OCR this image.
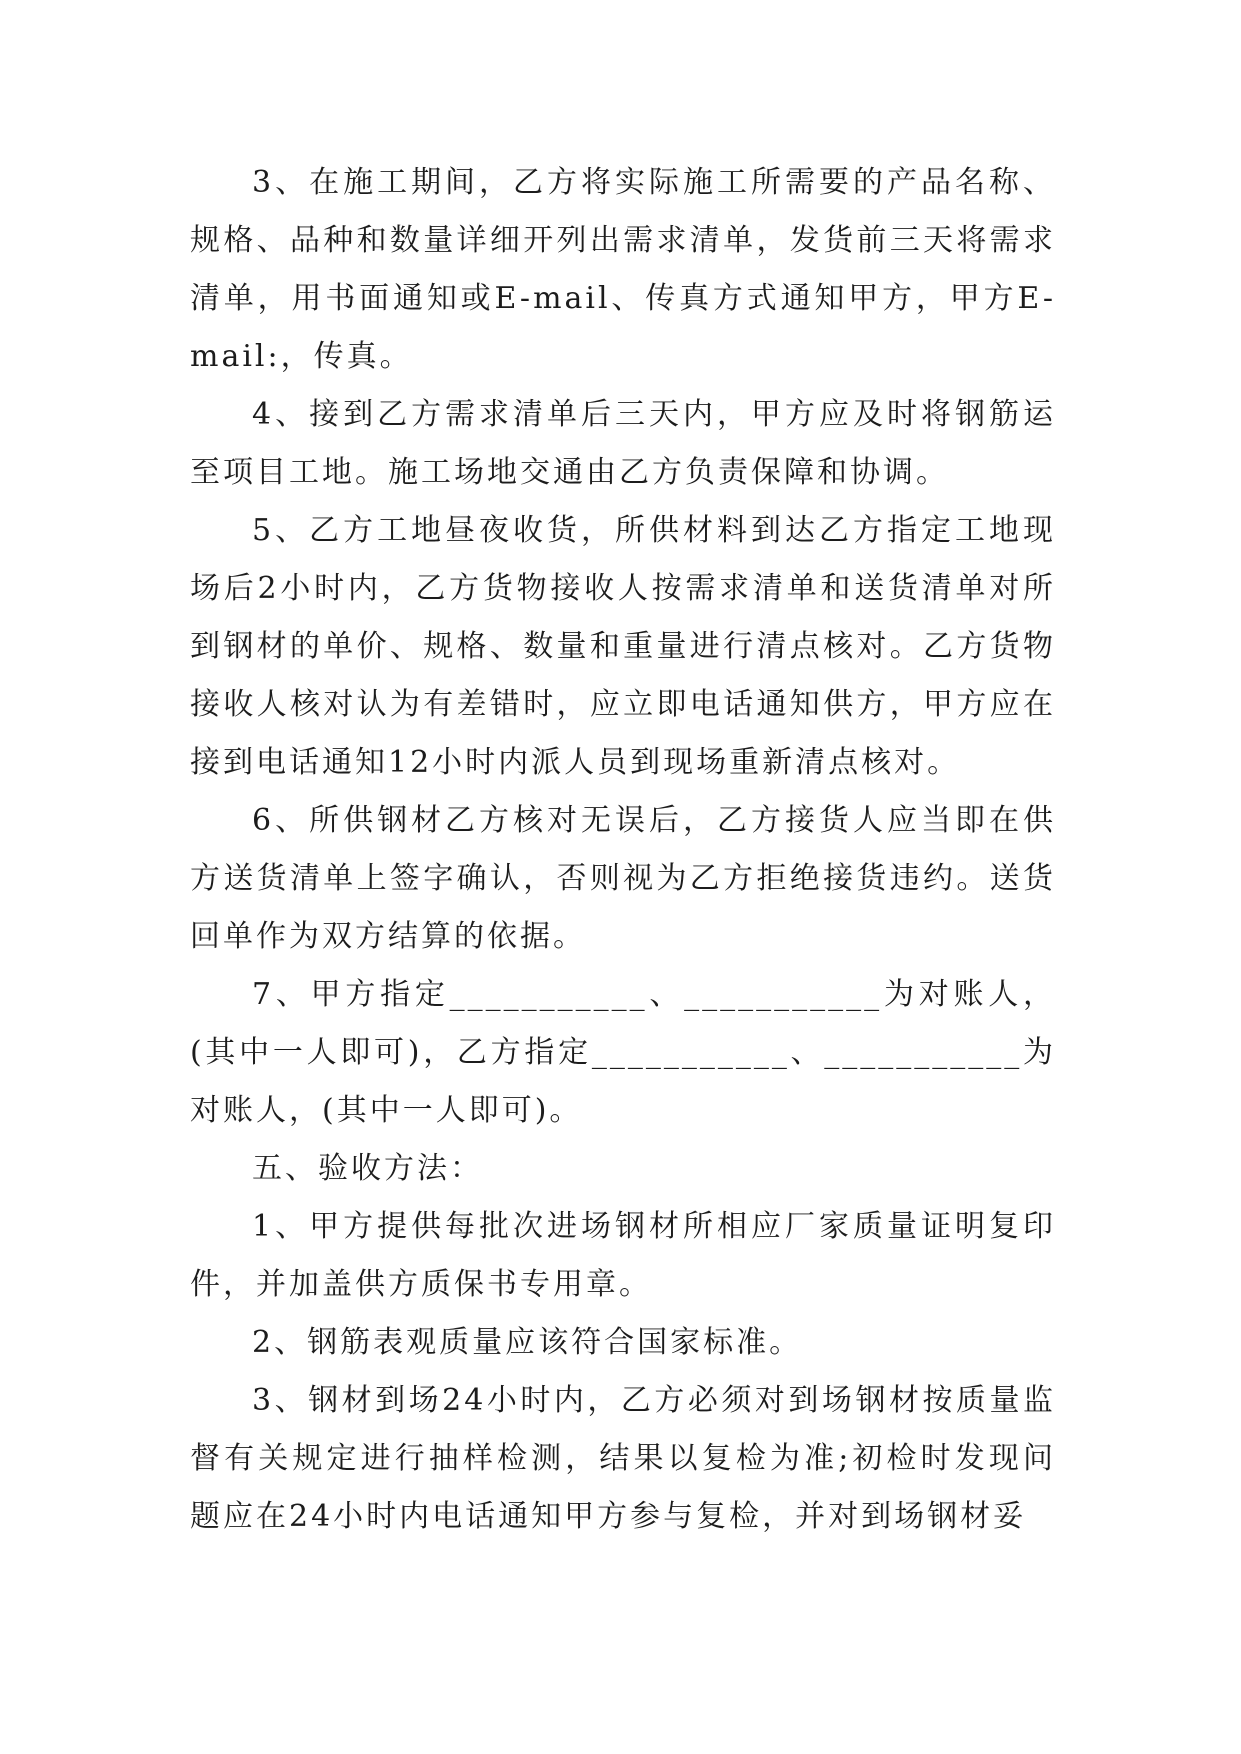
3、在施工期间，乙方将实际施工所需要的产品名称、规格、品种和数量详细开列出需求清单，发货前三天将需求清单，用书面通知或E-mail、传真方式通知甲方，甲方E-mail:，传真。

4、接到乙方需求清单后三天内，甲方应及时将钢筋运至项目工地。施工场地交通由乙方负责保障和协调。

5、乙方工地昼夜收货，所供材料到达乙方指定工地现场后2小时内，乙方货物接收人按需求清单和送货清单对所到钢材的单价、规格、数量和重量进行清点核对。乙方货物接收人核对认为有差错时，应立即电话通知供方，甲方应在接到电话通知12小时内派人员到现场重新清点核对。

6、所供钢材乙方核对无误后，乙方接货人应当即在供方送货清单上签字确认，否则视为乙方拒绝接货违约。送货回单作为双方结算的依据。

7、甲方指定___________、___________为对账人，(其中一人即可)，乙方指定___________、___________为对账人，(其中一人即可)。

五、验收方法：

1、甲方提供每批次进场钢材所相应厂家质量证明复印件，并加盖供方质保书专用章。

2、钢筋表观质量应该符合国家标准。

3、钢材到场24小时内，乙方必须对到场钢材按质量监督有关规定进行抽样检测，结果以复检为准;初检时发现问题应在24小时内电话通知甲方参与复检，并对到场钢材妥
